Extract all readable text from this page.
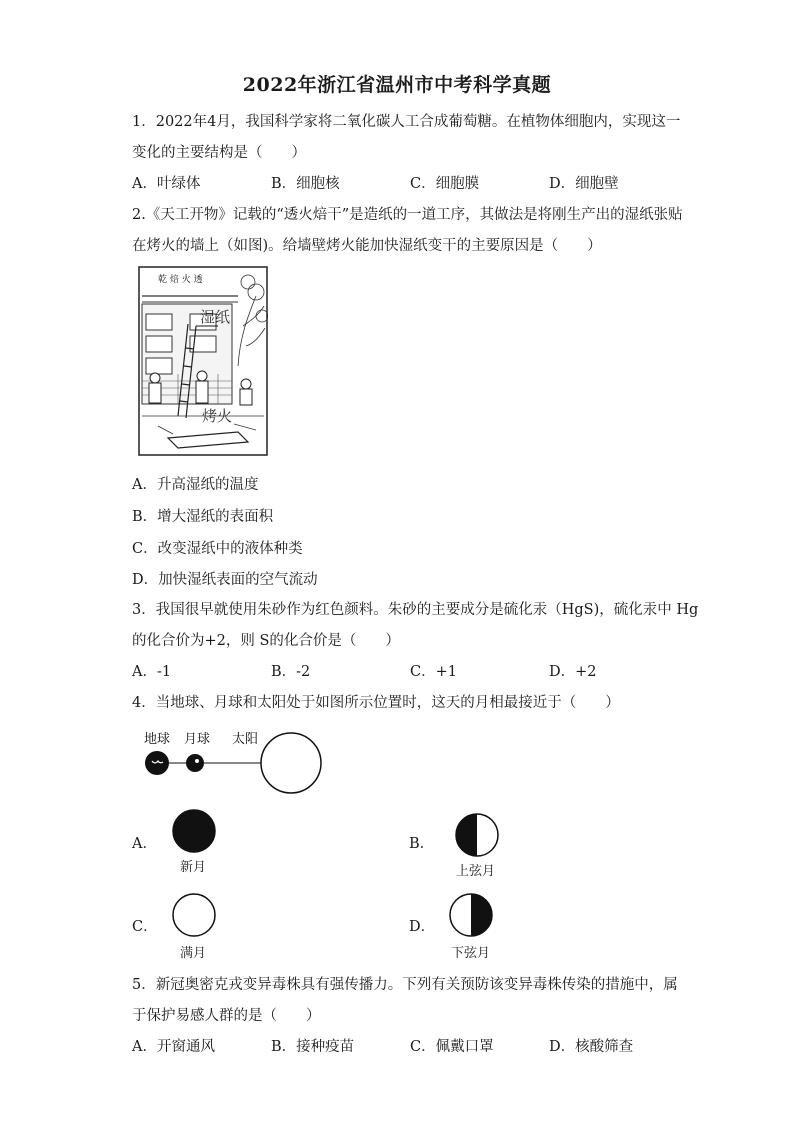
2022年浙江省温州市中考科学真题
1．2022年4月，我国科学家将二氧化碳人工合成葡萄糖。在植物体细胞内，实现这一
变化的主要结构是（　　）
A．叶绿体	B．细胞核	C．细胞膜	D．细胞壁
2.《天工开物》记载的“透火焙干”是造纸的一道工序，其做法是将刚生产出的湿纸张贴
在烤火的墙上（如图)。给墙壁烤火能加快湿纸变干的主要原因是（　　）
乾 焙 火 透
湿纸
烤火
A．升高湿纸的温度
B．增大湿纸的表面积
C．改变湿纸中的液体种类
D．加快湿纸表面的空气流动
3．我国很早就使用朱砂作为红色颜料。朱砂的主要成分是硫化汞（HgS)，硫化汞中 Hg
的化合价为+2，则 S的化合价是（　　）
A．-1	B．-2	C．+1	D．+2
4．当地球、月球和太阳处于如图所示位置时，这天的月相最接近于（　　）
地球 月球 太阳
A．
新月
B．
上弦月
C．
满月
D．
下弦月
5．新冠奥密克戎变异毒株具有强传播力。下列有关预防该变异毒株传染的措施中，属
于保护易感人群的是（　　）
A．开窗通风	B．接种疫苗	C．佩戴口罩	D．核酸筛查
